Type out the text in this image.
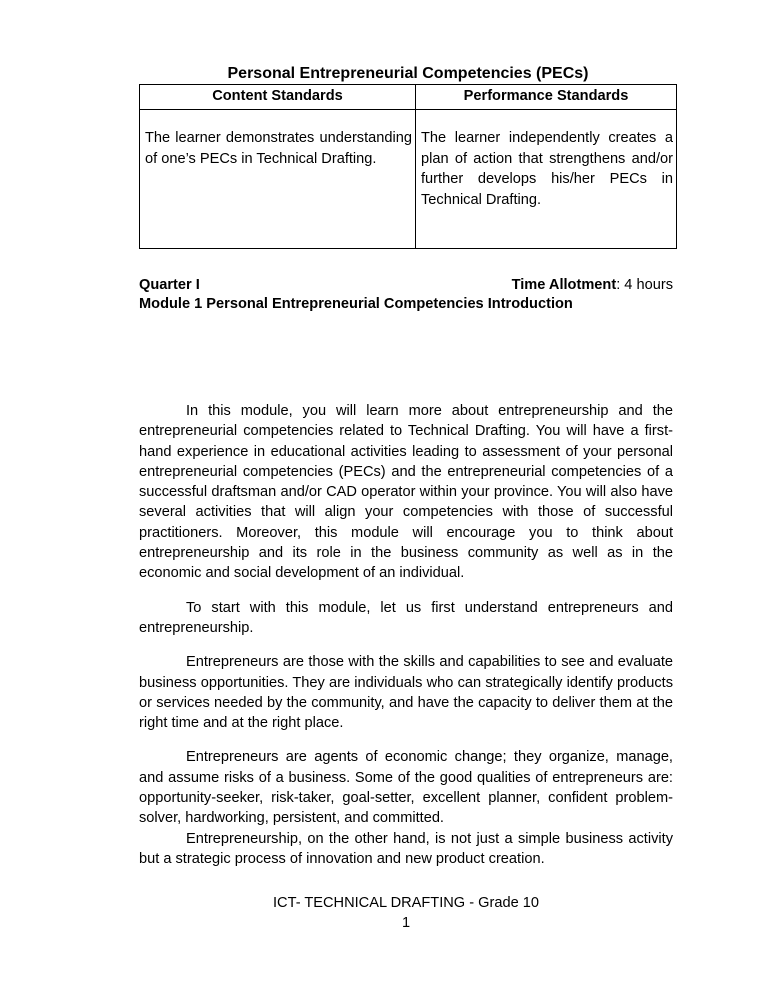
Personal Entrepreneurial Competencies (PECs)
Content Standards	Performance Standards
The learner demonstrates understanding of one’s PECs in Technical Drafting.	The learner independently creates a plan of action that strengthens and/or further develops his/her PECs in Technical Drafting.
Quarter I	Time Allotment: 4 hours
Module 1 Personal Entrepreneurial Competencies Introduction

In this module, you will learn more about entrepreneurship and the entrepreneurial competencies related to Technical Drafting. You will have a first-hand experience in educational activities leading to assessment of your personal entrepreneurial competencies (PECs) and the entrepreneurial competencies of a successful draftsman and/or CAD operator within your province. You will also have several activities that will align your competencies with those of successful practitioners. Moreover, this module will encourage you to think about entrepreneurship and its role in the business community as well as in the economic and social development of an individual.

To start with this module, let us first understand entrepreneurs and entrepreneurship.

Entrepreneurs are those with the skills and capabilities to see and evaluate business opportunities. They are individuals who can strategically identify products or services needed by the community, and have the capacity to deliver them at the right time and at the right place.

Entrepreneurs are agents of economic change; they organize, manage, and assume risks of a business. Some of the good qualities of entrepreneurs are: opportunity-seeker, risk-taker, goal-setter, excellent planner, confident problem-solver, hardworking, persistent, and committed.

Entrepreneurship, on the other hand, is not just a simple business activity but a strategic process of innovation and new product creation.

ICT- TECHNICAL DRAFTING - Grade 10
1
